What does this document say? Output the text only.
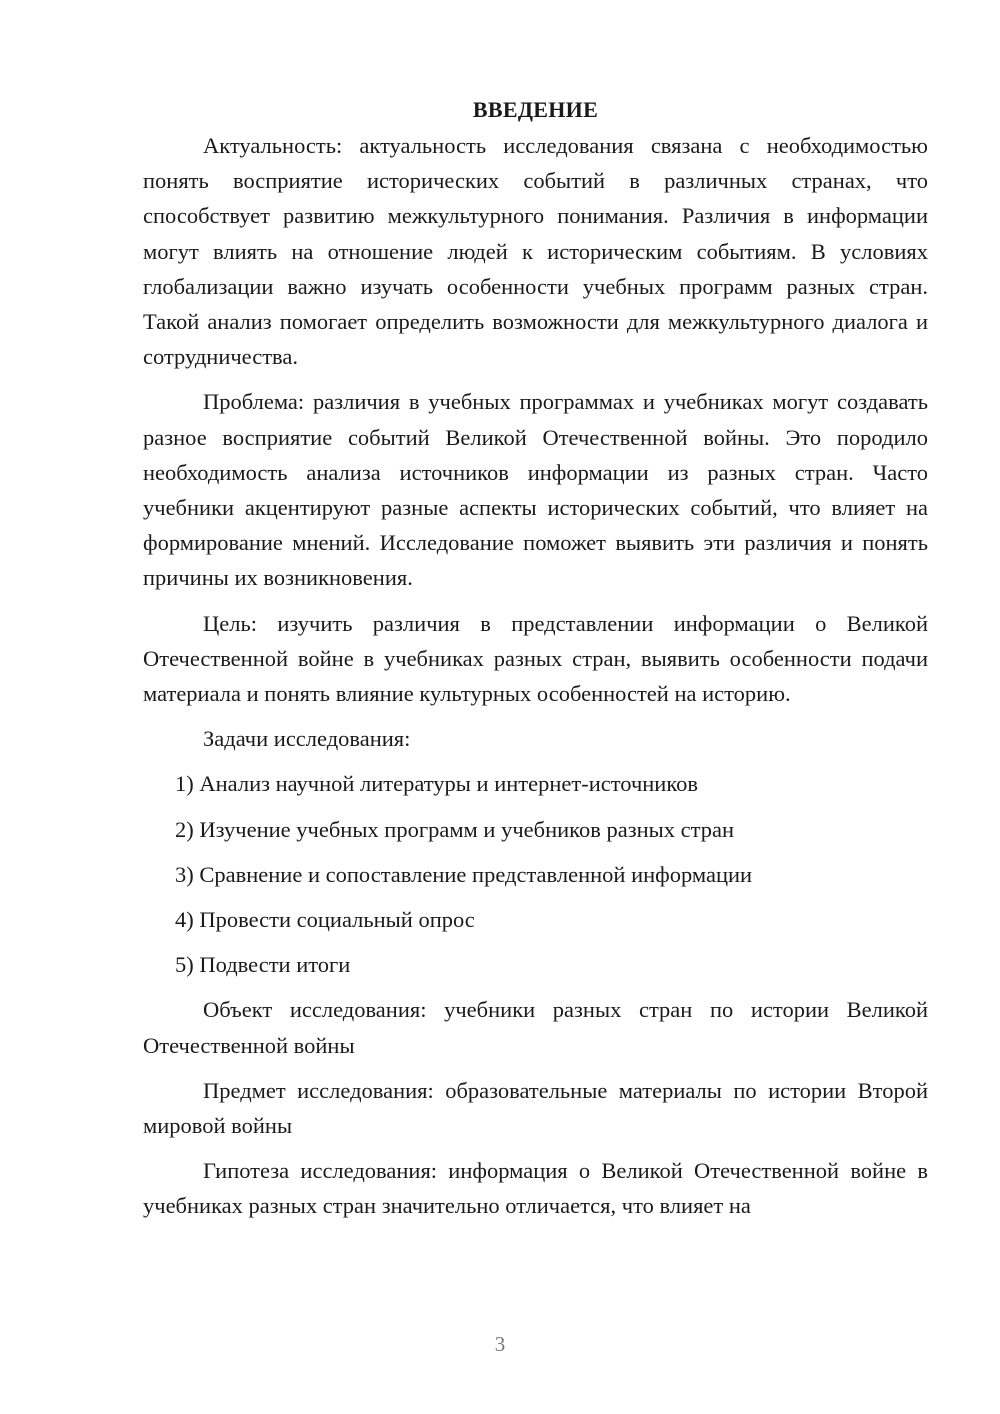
ВВЕДЕНИЕ

Актуальность: актуальность исследования связана с необходимостью понять восприятие исторических событий в различных странах, что способствует развитию межкультурного понимания. Различия в информации могут влиять на отношение людей к историческим событиям. В условиях глобализации важно изучать особенности учебных программ разных стран. Такой анализ помогает определить возможности для межкультурного диалога и сотрудничества.

Проблема: различия в учебных программах и учебниках могут создавать разное восприятие событий Великой Отечественной войны. Это породило необходимость анализа источников информации из разных стран. Часто учебники акцентируют разные аспекты исторических событий, что влияет на формирование мнений. Исследование поможет выявить эти различия и понять причины их возникновения.

Цель: изучить различия в представлении информации о Великой Отечественной войне в учебниках разных стран, выявить особенности подачи материала и понять влияние культурных особенностей на историю.

Задачи исследования:

1) Анализ научной литературы и интернет-источников
2) Изучение учебных программ и учебников разных стран
3) Сравнение и сопоставление представленной информации
4) Провести социальный опрос
5) Подвести итоги

Объект исследования: учебники разных стран по истории Великой Отечественной войны

Предмет исследования: образовательные материалы по истории Второй мировой войны

Гипотеза исследования: информация о Великой Отечественной войне в учебниках разных стран значительно отличается, что влияет на

3
